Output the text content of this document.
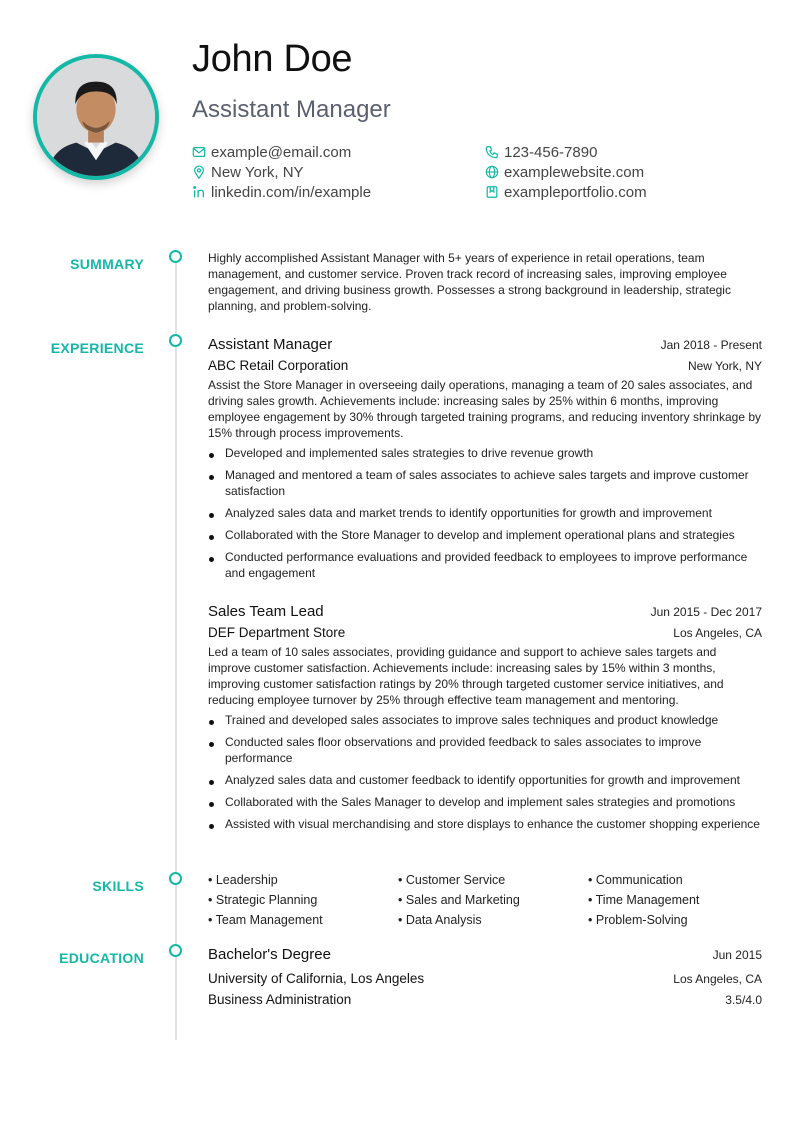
John Doe
Assistant Manager
example@email.com
New York, NY
linkedin.com/in/example
123-456-7890
examplewebsite.com
exampleportfolio.com
SUMMARY
EXPERIENCE
SKILLS
EDUCATION
Highly accomplished Assistant Manager with 5+ years of experience in retail operations, team management, and customer service. Proven track record of increasing sales, improving employee engagement, and driving business growth. Possesses a strong background in leadership, strategic planning, and problem-solving.
Assistant Manager	Jan 2018 - Present
ABC Retail Corporation	New York, NY
Assist the Store Manager in overseeing daily operations, managing a team of 20 sales associates, and driving sales growth. Achievements include: increasing sales by 25% within 6 months, improving employee engagement by 30% through targeted training programs, and reducing inventory shrinkage by 15% through process improvements.
Developed and implemented sales strategies to drive revenue growth
Managed and mentored a team of sales associates to achieve sales targets and improve customer satisfaction
Analyzed sales data and market trends to identify opportunities for growth and improvement
Collaborated with the Store Manager to develop and implement operational plans and strategies
Conducted performance evaluations and provided feedback to employees to improve performance and engagement
Sales Team Lead	Jun 2015 - Dec 2017
DEF Department Store	Los Angeles, CA
Led a team of 10 sales associates, providing guidance and support to achieve sales targets and improve customer satisfaction. Achievements include: increasing sales by 15% within 3 months, improving customer satisfaction ratings by 20% through targeted customer service initiatives, and reducing employee turnover by 25% through effective team management and mentoring.
Trained and developed sales associates to improve sales techniques and product knowledge
Conducted sales floor observations and provided feedback to sales associates to improve performance
Analyzed sales data and customer feedback to identify opportunities for growth and improvement
Collaborated with the Sales Manager to develop and implement sales strategies and promotions
Assisted with visual merchandising and store displays to enhance the customer shopping experience
• Leadership	• Customer Service	• Communication
• Strategic Planning	• Sales and Marketing	• Time Management
• Team Management	• Data Analysis	• Problem-Solving
Bachelor's Degree	Jun 2015
University of California, Los Angeles	Los Angeles, CA
Business Administration	3.5/4.0
